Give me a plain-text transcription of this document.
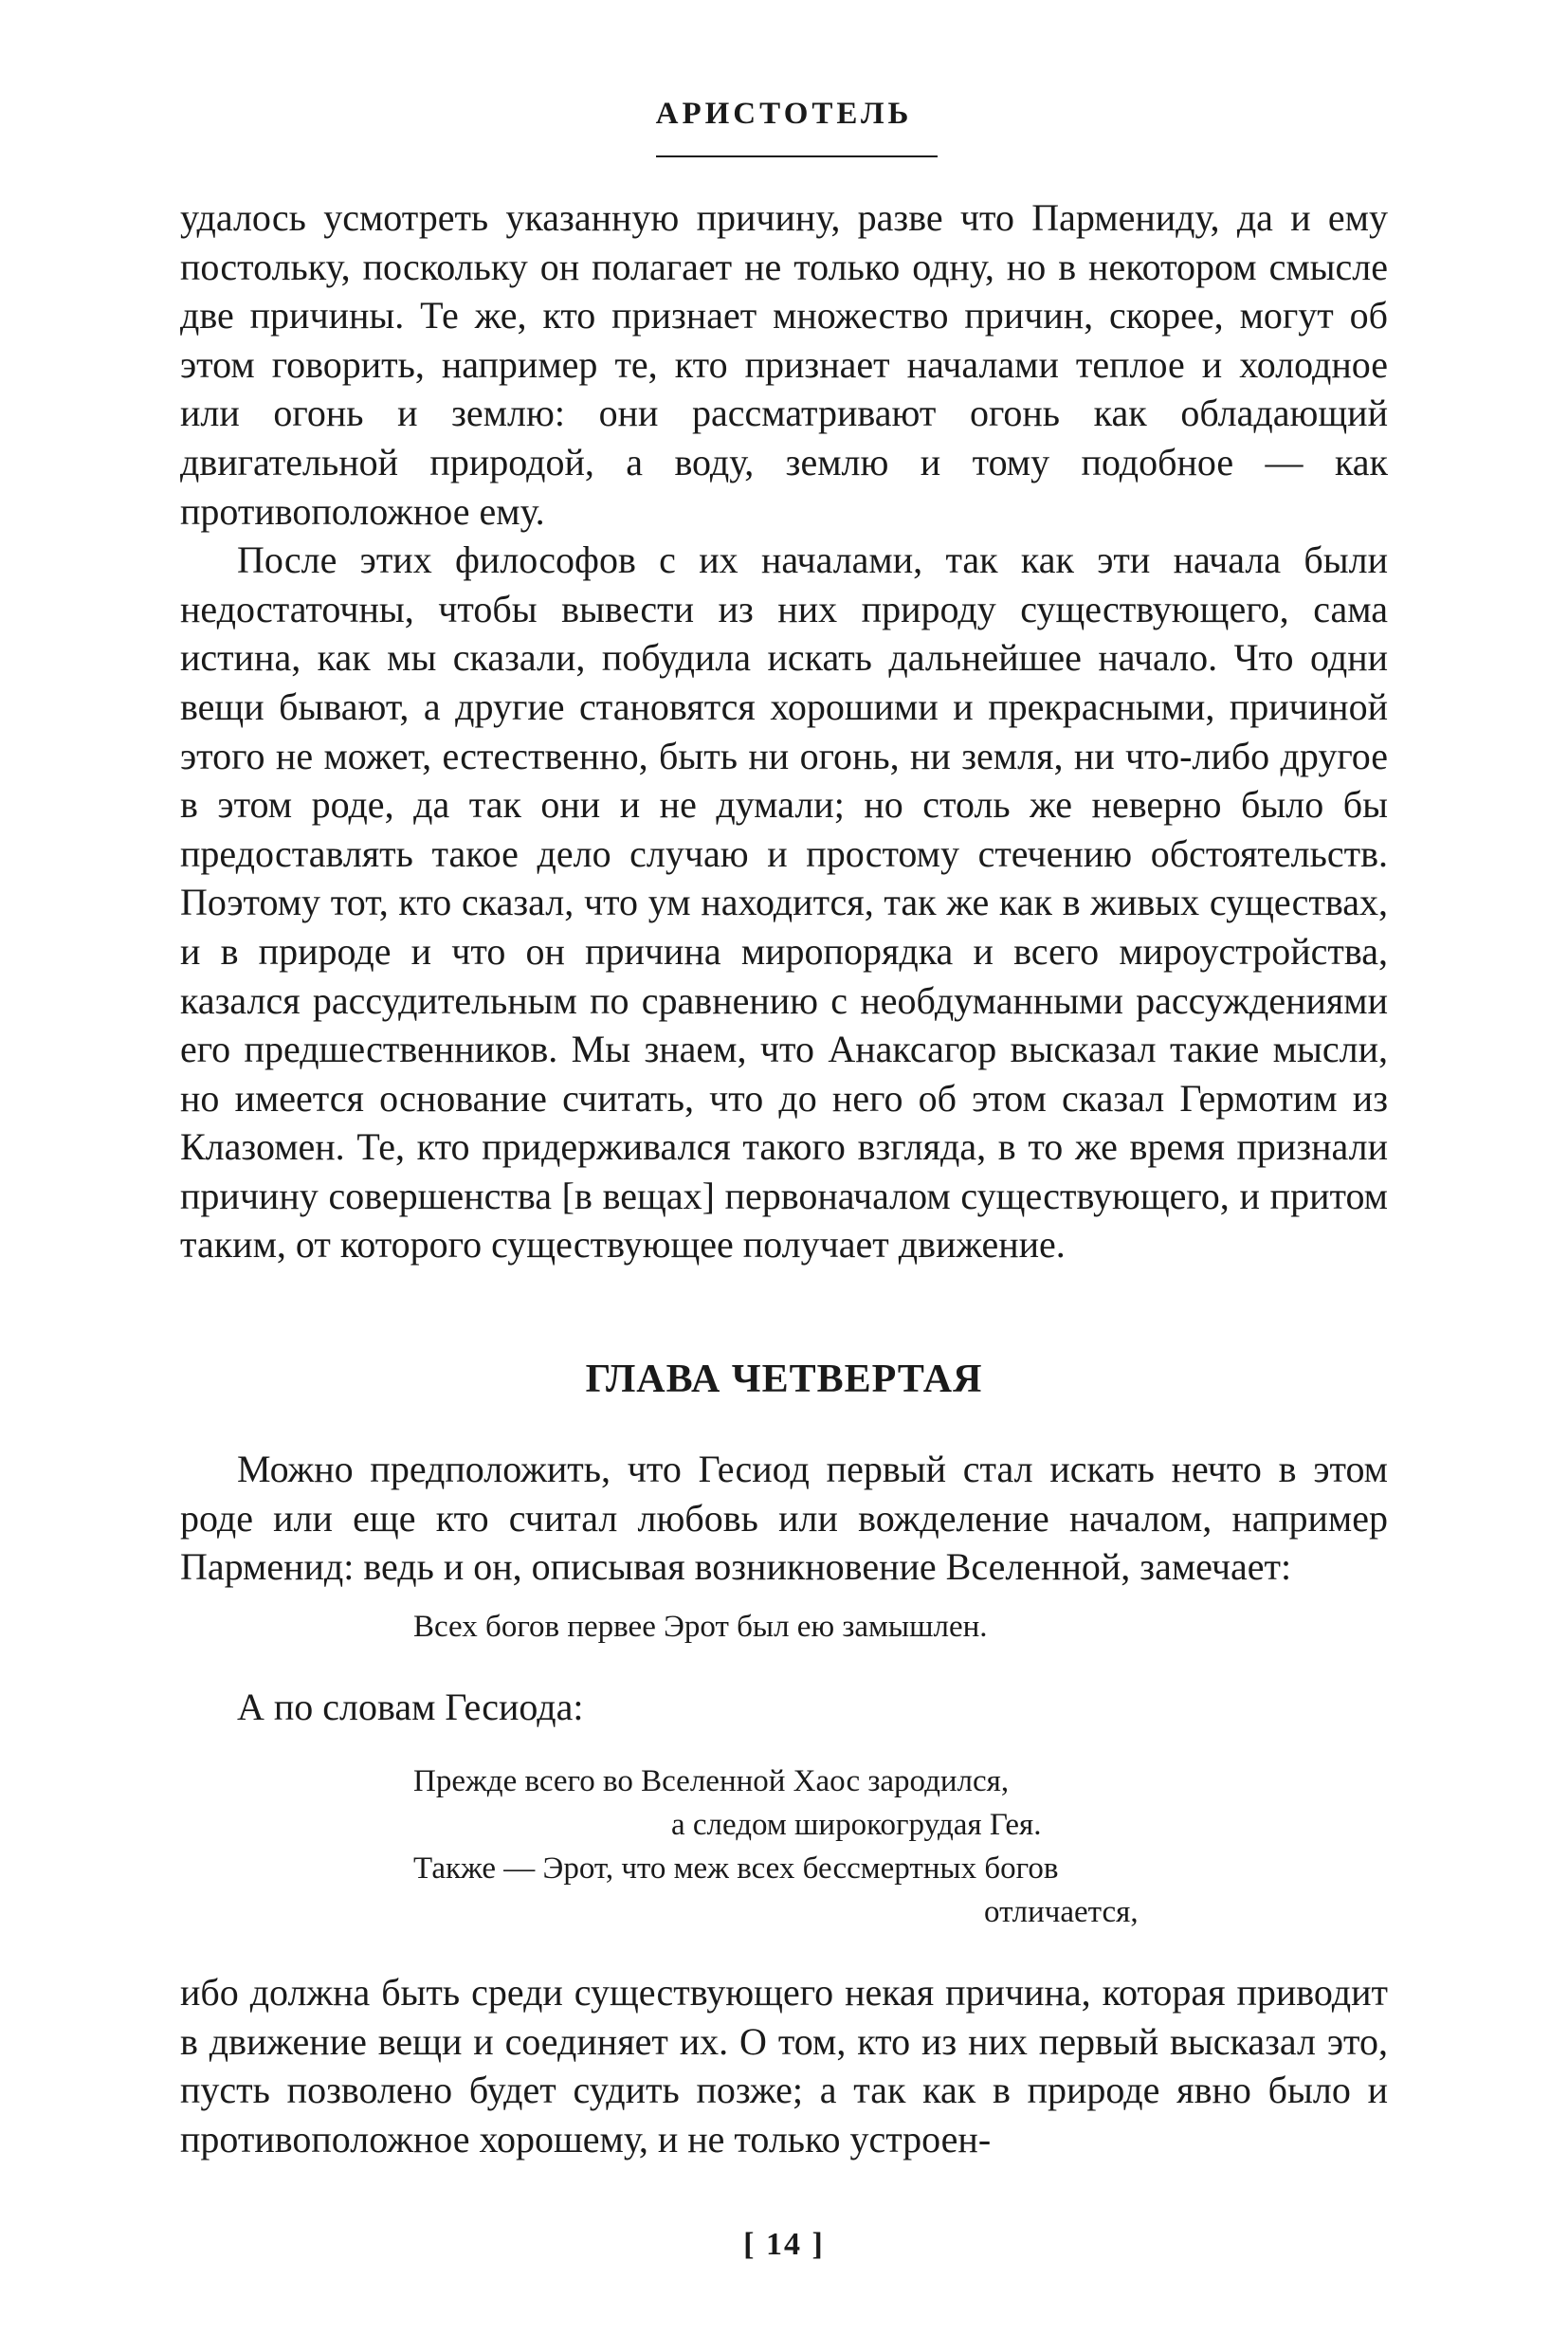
АРИСТОТЕЛЬ

удалось усмотреть указанную причину, разве что Пармениду, да и ему постольку, поскольку он полагает не только одну, но в некотором смысле две причины. Те же, кто признает множество причин, скорее, могут об этом говорить, например те, кто признает началами теплое и холодное или огонь и землю: они рассматривают огонь как обладающий двигательной природой, а воду, землю и тому подобное — как противоположное ему.

После этих философов с их началами, так как эти начала были недостаточны, чтобы вывести из них природу существующего, сама истина, как мы сказали, побудила искать дальнейшее начало. Что одни вещи бывают, а другие становятся хорошими и прекрасными, причиной этого не может, естественно, быть ни огонь, ни земля, ни что-либо другое в этом роде, да так они и не думали; но столь же неверно было бы предоставлять такое дело случаю и простому стечению обстоятельств. Поэтому тот, кто сказал, что ум находится, так же как в живых существах, и в природе и что он причина миропорядка и всего мироустройства, казался рассудительным по сравнению с необдуманными рассуждениями его предшественников. Мы знаем, что Анаксагор высказал такие мысли, но имеется основание считать, что до него об этом сказал Гермотим из Клазомен. Те, кто придерживался такого взгляда, в то же время признали причину совершенства [в вещах] первоначалом существующего, и притом таким, от которого существующее получает движение.

ГЛАВА ЧЕТВЕРТАЯ

Можно предположить, что Гесиод первый стал искать нечто в этом роде или еще кто считал любовь или вожделение началом, например Парменид: ведь и он, описывая возникновение Вселенной, замечает:

Всех богов первее Эрот был ею замышлен.
А по словам Гесиода:
Прежде всего во Вселенной Хаос зародился,
а следом широкогрудая Гея.
Также — Эрот, что меж всех бессмертных богов
отличается,

ибо должна быть среди существующего некая причина, которая приводит в движение вещи и соединяет их. О том, кто из них первый высказал это, пусть позволено будет судить позже; а так как в природе явно было и противоположное хорошему, и не только устроен-

[ 14 ]
